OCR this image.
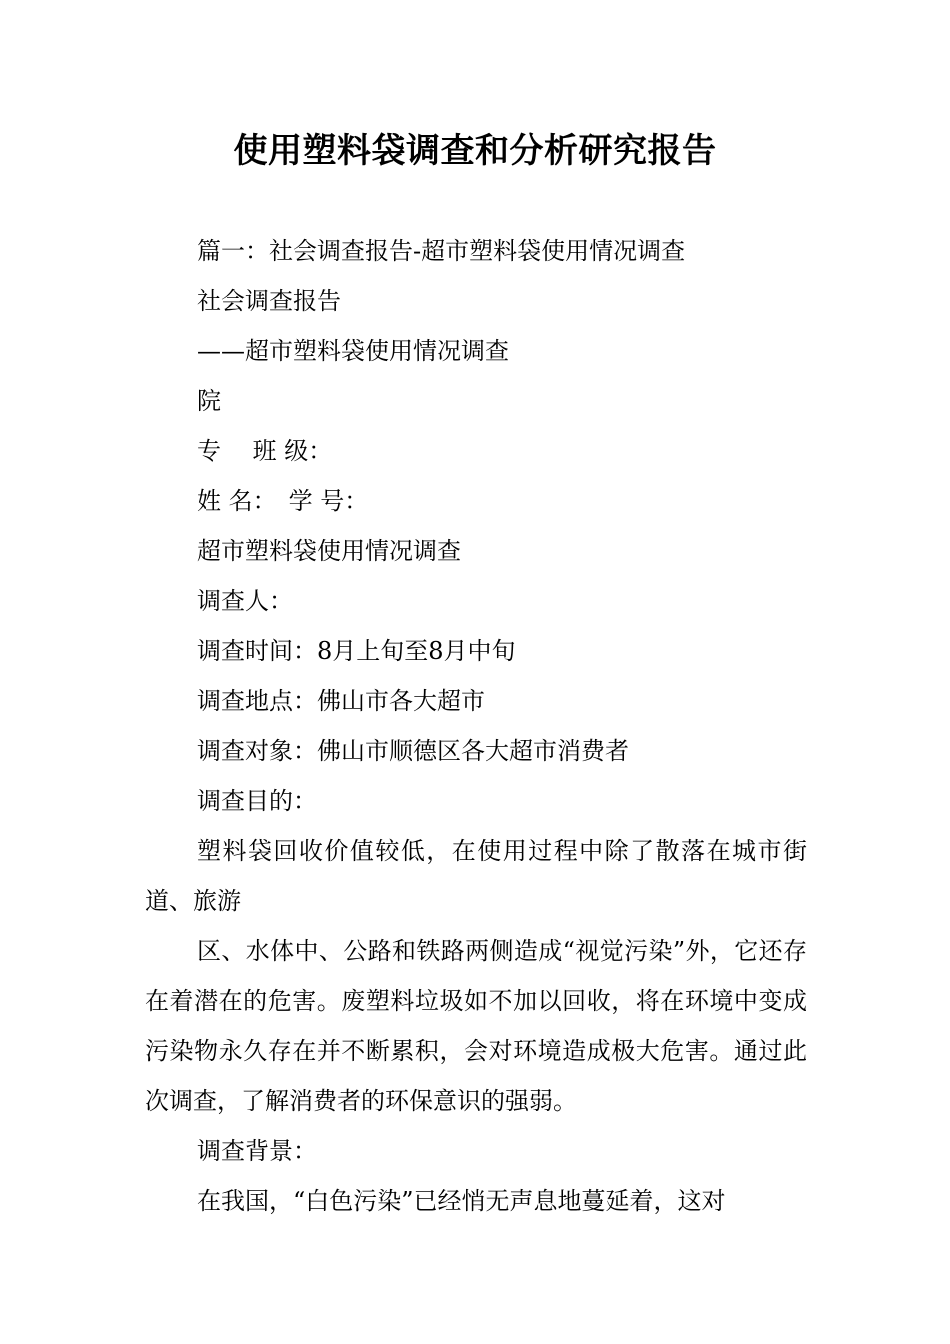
使用塑料袋调查和分析研究报告

篇一：社会调查报告-超市塑料袋使用情况调查

社会调查报告

——超市塑料袋使用情况调查

院

专　 班 级：

姓 名：　学 号：

超市塑料袋使用情况调查

调查人：

调查时间：8月上旬至8月中旬

调查地点：佛山市各大超市

调查对象：佛山市顺德区各大超市消费者

调查目的：

塑料袋回收价值较低，在使用过程中除了散落在城市街道、旅游

区、水体中、公路和铁路两侧造成“视觉污染”外，它还存在着潜在的危害。废塑料垃圾如不加以回收，将在环境中变成污染物永久存在并不断累积，会对环境造成极大危害。通过此次调查，了解消费者的环保意识的强弱。

调查背景：

在我国，“白色污染”已经悄无声息地蔓延着，这对
